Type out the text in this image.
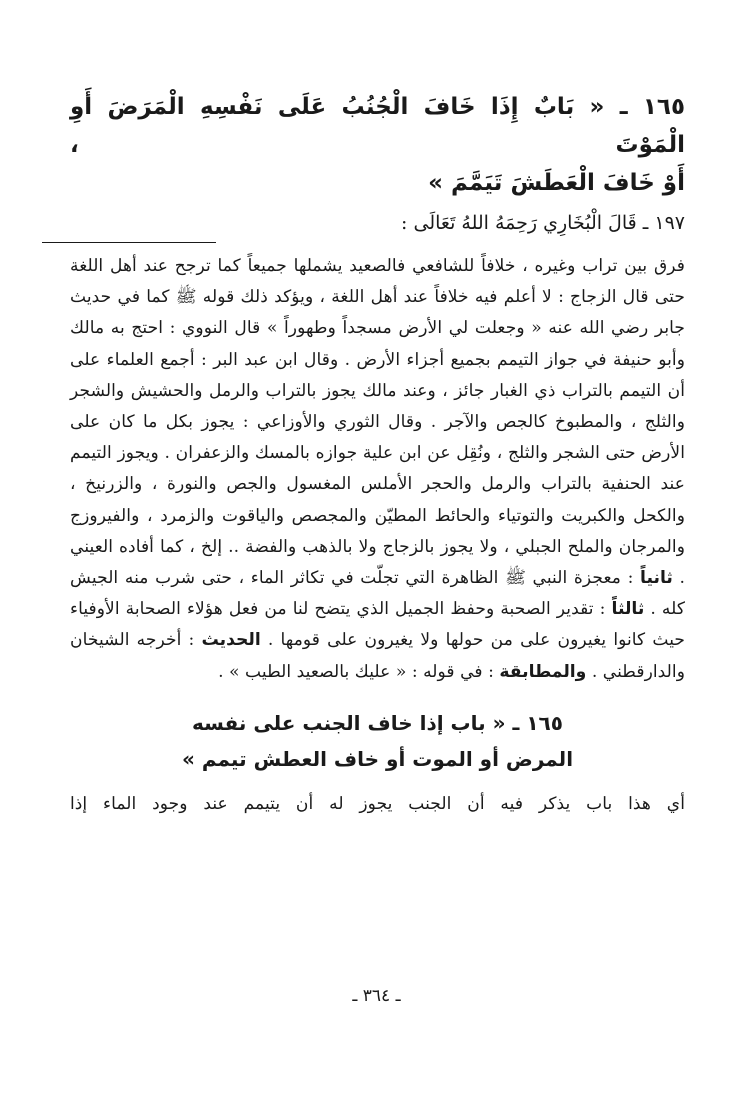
١٦٥ ـ « بَابٌ إِذَا خَافَ الْجُنُبُ عَلَى نَفْسِهِ الْمَرَضَ أَوِ الْمَوْتَ ،
أَوْ خَافَ الْعَطَشَ تَيَمَّمَ »
١٩٧ ـ قَالَ الْبُخَارِي رَحِمَهُ اللهُ تَعَالَى :

فرق بين تراب وغيره ، خلافاً للشافعي فالصعيد يشملها جميعاً كما ترجح عند أهل اللغة حتى قال الزجاج : لا أعلم فيه خلافاً عند أهل اللغة ، ويؤكد ذلك قوله ﷺ كما في حديث جابر رضي الله عنه « وجعلت لي الأرض مسجداً وطهوراً » قال النووي : احتج به مالك وأبو حنيفة في جواز التيمم بجميع أجزاء الأرض . وقال ابن عبد البر : أجمع العلماء على أن التيمم بالتراب ذي الغبار جائز ، وعند مالك يجوز بالتراب والرمل والحشيش والشجر والثلج ، والمطبوخ كالجص والآجر . وقال الثوري والأوزاعي : يجوز بكل ما كان على الأرض حتى الشجر والثلج ، ونُقِل عن ابن علية جوازه بالمسك والزعفران . ويجوز التيمم عند الحنفية بالتراب والرمل والحجر الأملس المغسول والجص والنورة ، والزرنيخ ، والكحل والكبريت والتوتياء والحائط المطيّن والمجصص والياقوت والزمرد ، والفيروزج والمرجان والملح الجبلي ، ولا يجوز بالزجاج ولا بالذهب والفضة .. إلخ ، كما أفاده العيني . ثانياً : معجزة النبي ﷺ الظاهرة التي تجلّت في تكاثر الماء ، حتى شرب منه الجيش كله . ثالثاً : تقدير الصحبة وحفظ الجميل الذي يتضح لنا من فعل هؤلاء الصحابة الأوفياء حيث كانوا يغيرون على من حولها ولا يغيرون على قومها . الحديث : أخرجه الشيخان والدارقطني . والمطابقة : في قوله : « عليك بالصعيد الطيب » .

١٦٥ ـ « باب إذا خاف الجنب على نفسه
المرض أو الموت أو خاف العطش تيمم »

أي هذا باب يذكر فيه أن الجنب يجوز له أن يتيمم عند وجود الماء إذا

ـ ٣٦٤ ـ
